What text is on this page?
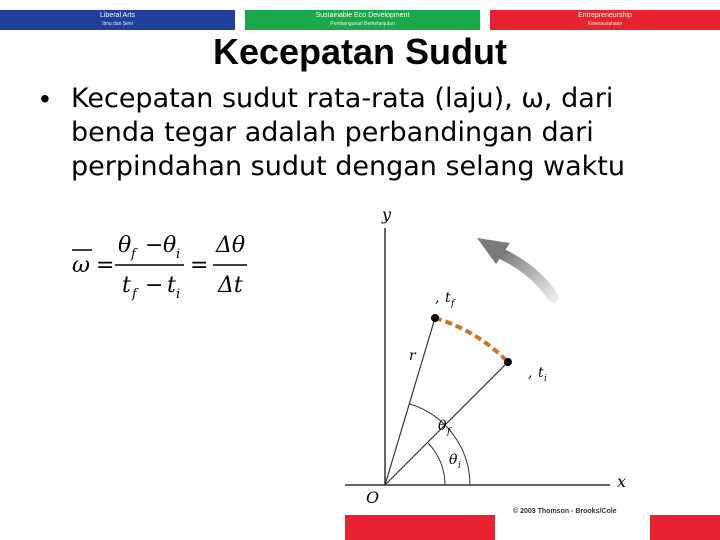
Liberal Arts
Ilmu dan Seni
Sustainable Eco Development
Pembangunan Berkelanjutan
Entrepreneurship
Kewirausahaan
Kecepatan Sudut
• Kecepatan sudut rata-rata (laju), ω, dari benda tegar adalah perbandingan dari perpindahan sudut dengan selang waktu
ω =
θ f − θ i
t f − t i
=
Δθ
Δt
y
x
O
r
θ i
θ f
, t f
, t i
© 2003 Thomson - Brooks/Cole
